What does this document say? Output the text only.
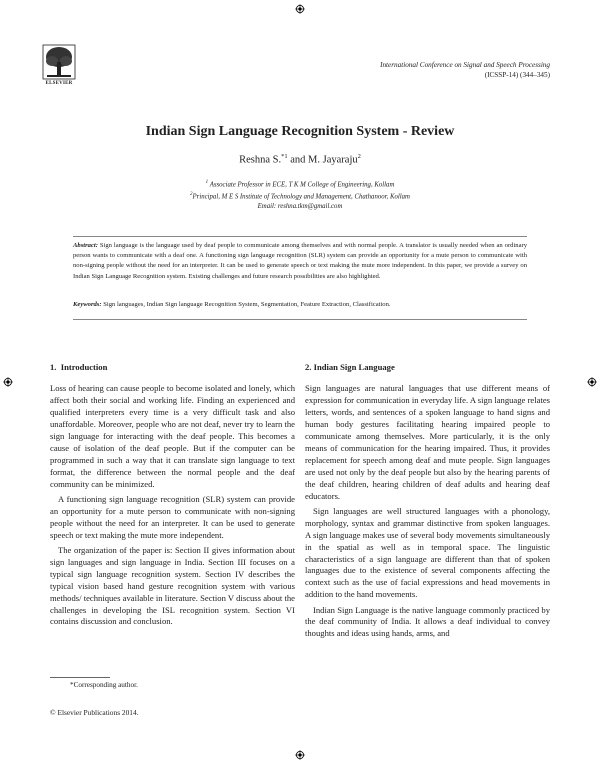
ELSEVIER
International Conference on Signal and Speech Processing
(ICSSP-14) (344–345)
Indian Sign Language Recognition System - Review
Reshna S.$^{*1}$ and M. Jayaraju$^2$
$^1$ Associate Professor in ECE, T K M College of Engineering, Kollam
$^2$Principal, M E S Institute of Technology and Management, Chathanoor, Kollam
Email: reshna.tkm@gmail.com
Abstract: Sign language is the language used by deaf people to communicate among themselves and with normal people. A translator is usually needed when an ordinary person wants to communicate with a deaf one. A functioning sign language recognition (SLR) system can provide an opportunity for a mute person to communicate with non-signing people without the need for an interpreter. It can be used to generate speech or text making the mute more independent. In this paper, we provide a survey on Indian Sign Language Recognition system. Existing challenges and future research possibilities are also highlighted.
Keywords: Sign languages, Indian Sign language Recognition System, Segmentation, Feature Extraction, Classification.
1.  Introduction

Loss of hearing can cause people to become isolated and lonely, which affect both their social and working life. Finding an experienced and qualified interpreters every time is a very difficult task and also unaffordable. Moreover, people who are not deaf, never try to learn the sign language for interacting with the deaf people. This becomes a cause of isolation of the deaf people. But if the computer can be programmed in such a way that it can translate sign language to text format, the difference between the normal people and the deaf community can be minimized.

A functioning sign language recognition (SLR) system can provide an opportunity for a mute person to communicate with non-signing people without the need for an interpreter. It can be used to generate speech or text making the mute more independent.

The organization of the paper is: Section II gives information about sign languages and sign language in India. Section III focuses on a typical sign language recognition system. Section IV describes the typical vision based hand gesture recognition system with various methods/ techniques available in literature. Section V discuss about the challenges in developing the ISL recognition system. Section VI contains discussion and conclusion.

2. Indian Sign Language

Sign languages are natural languages that use different means of expression for communication in everyday life. A sign language relates letters, words, and sentences of a spoken language to hand signs and human body gestures facilitating hearing impaired people to communicate among themselves. More particularly, it is the only means of communication for the hearing impaired. Thus, it provides replacement for speech among deaf and mute people. Sign languages are used not only by the deaf people but also by the hearing parents of the deaf children, hearing children of deaf adults and hearing deaf educators.

Sign languages are well structured languages with a phonology, morphology, syntax and grammar distinctive from spoken languages. A sign language makes use of several body movements simultaneously in the spatial as well as in temporal space. The linguistic characteristics of a sign language are different than that of spoken languages due to the existence of several components affecting the context such as the use of facial expressions and head movements in addition to the hand movements.

Indian Sign Language is the native language commonly practiced by the deaf community of India. It allows a deaf individual to convey thoughts and ideas using hands, arms, and

*Corresponding author.
© Elsevier Publications 2014.
